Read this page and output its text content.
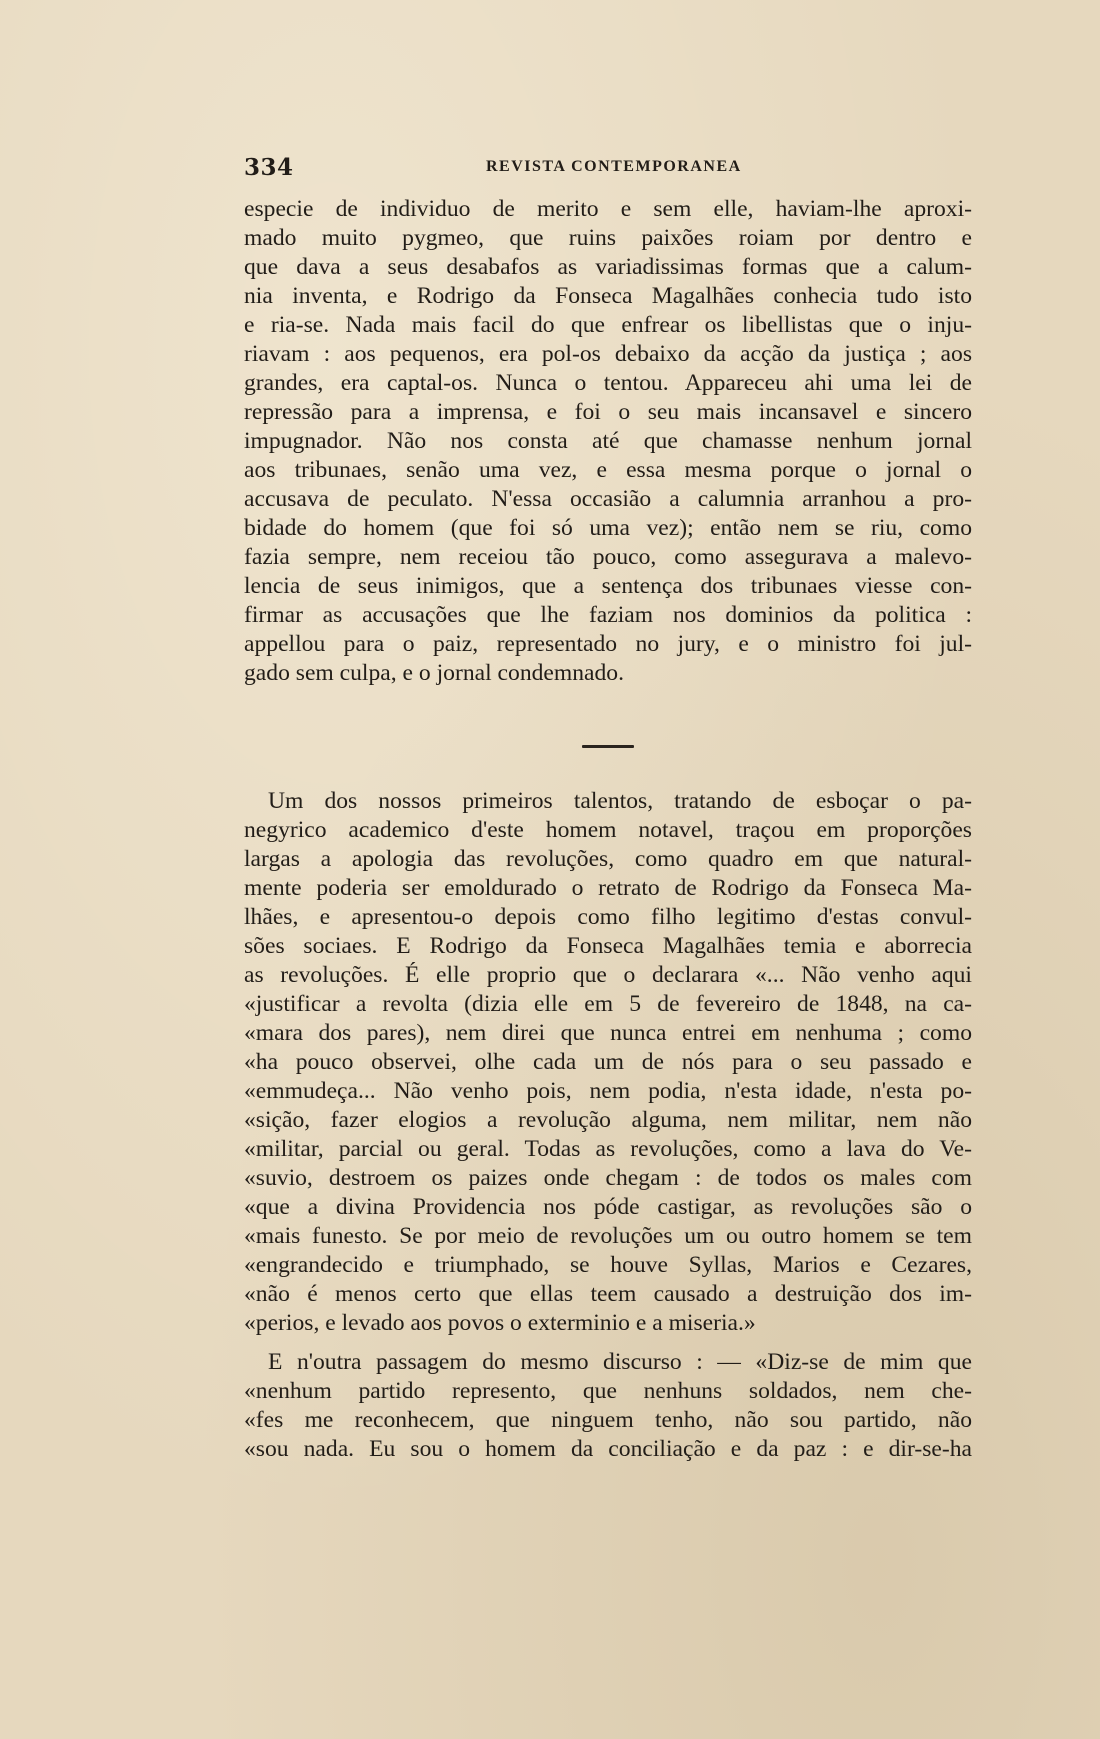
334	REVISTA CONTEMPORANEA
especie de individuo de merito e sem elle, haviam-lhe aproxi-
mado muito pygmeo, que ruins paixões roiam por dentro e
que dava a seus desabafos as variadissimas formas que a calum-
nia inventa, e Rodrigo da Fonseca Magalhães conhecia tudo isto
e ria-se. Nada mais facil do que enfrear os libellistas que o inju-
riavam : aos pequenos, era pol-os debaixo da acção da justiça ; aos
grandes, era captal-os. Nunca o tentou. Appareceu ahi uma lei de
repressão para a imprensa, e foi o seu mais incansavel e sincero
impugnador. Não nos consta até que chamasse nenhum jornal
aos tribunaes, senão uma vez, e essa mesma porque o jornal o
accusava de peculato. N'essa occasião a calumnia arranhou a pro-
bidade do homem (que foi só uma vez); então nem se riu, como
fazia sempre, nem receiou tão pouco, como assegurava a malevo-
lencia de seus inimigos, que a sentença dos tribunaes viesse con-
firmar as accusações que lhe faziam nos dominios da politica :
appellou para o paiz, representado no jury, e o ministro foi jul-
gado sem culpa, e o jornal condemnado.
Um dos nossos primeiros talentos, tratando de esboçar o pa-
negyrico academico d'este homem notavel, traçou em proporções
largas a apologia das revoluções, como quadro em que natural-
mente poderia ser emoldurado o retrato de Rodrigo da Fonseca Ma-
lhães, e apresentou-o depois como filho legitimo d'estas convul-
sões sociaes. E Rodrigo da Fonseca Magalhães temia e aborrecia
as revoluções. É elle proprio que o declarara «... Não venho aqui
«justificar a revolta (dizia elle em 5 de fevereiro de 1848, na ca-
«mara dos pares), nem direi que nunca entrei em nenhuma ; como
«ha pouco observei, olhe cada um de nós para o seu passado e
«emmudeça... Não venho pois, nem podia, n'esta idade, n'esta po-
«sição, fazer elogios a revolução alguma, nem militar, nem não
«militar, parcial ou geral. Todas as revoluções, como a lava do Ve-
«suvio, destroem os paizes onde chegam : de todos os males com
«que a divina Providencia nos póde castigar, as revoluções são o
«mais funesto. Se por meio de revoluções um ou outro homem se tem
«engrandecido e triumphado, se houve Syllas, Marios e Cezares,
«não é menos certo que ellas teem causado a destruição dos im-
«perios, e levado aos povos o exterminio e a miseria.»
E n'outra passagem do mesmo discurso : — «Diz-se de mim que
«nenhum partido represento, que nenhuns soldados, nem che-
«fes me reconhecem, que ninguem tenho, não sou partido, não
«sou nada. Eu sou o homem da conciliação e da paz : e dir-se-ha
